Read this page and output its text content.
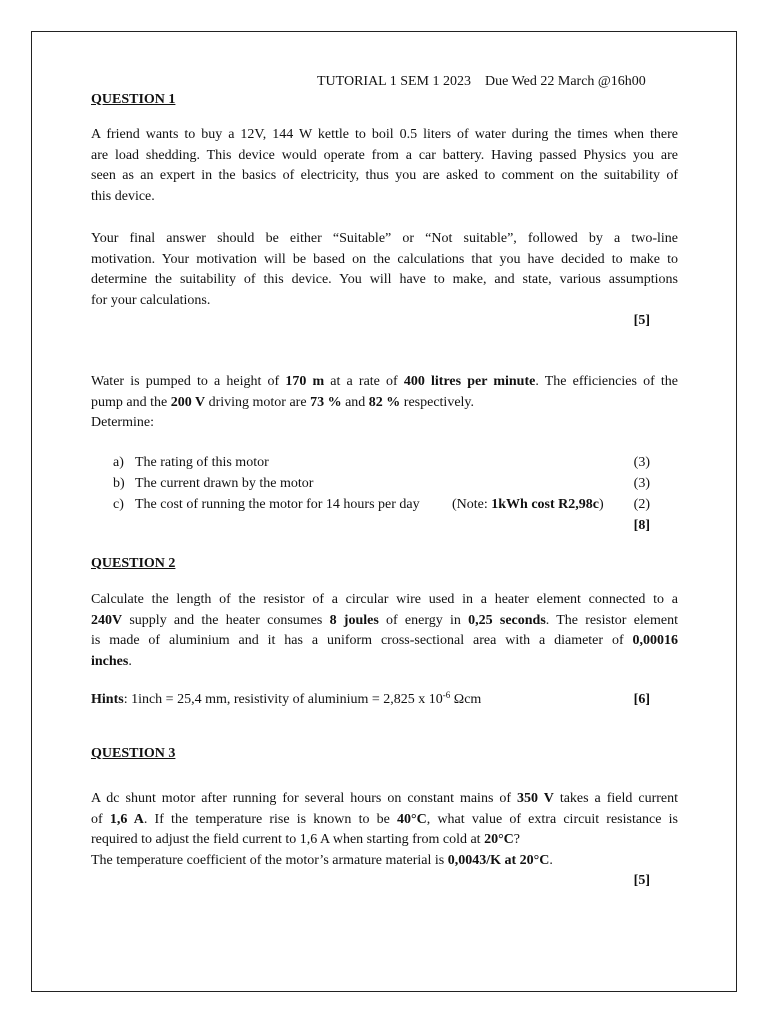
TUTORIAL 1 SEM 1 2023 Due Wed 22 March @16h00
QUESTION 1
A friend wants to buy a 12V, 144 W kettle to boil 0.5 liters of water during the times when there
are load shedding. This device would operate from a car battery. Having passed Physics you are
seen as an expert in the basics of electricity, thus you are asked to comment on the suitability of
this device.
Your final answer should be either “Suitable” or “Not suitable”, followed by a two-line
motivation. Your motivation will be based on the calculations that you have decided to make to
determine the suitability of this device. You will have to make, and state, various assumptions
for your calculations.
[5]
Water is pumped to a height of 170 m at a rate of 400 litres per minute. The efficiencies of the
pump and the 200 V driving motor are 73 % and 82 % respectively.
Determine:
a) The rating of this motor	(3)
b) The current drawn by the motor	(3)
c) The cost of running the motor for 14 hours per day (Note: 1kWh cost R2,98c)	(2)
[8]
QUESTION 2
Calculate the length of the resistor of a circular wire used in a heater element connected to a
240V supply and the heater consumes 8 joules of energy in 0,25 seconds. The resistor element
is made of aluminium and it has a uniform cross-sectional area with a diameter of 0,00016
inches.
Hints: 1inch = 25,4 mm, resistivity of aluminium = 2,825 x $10^{-6}$ Ωcm	[6]
QUESTION 3
A dc shunt motor after running for several hours on constant mains of 350 V takes a field current
of 1,6 A. If the temperature rise is known to be 40°C, what value of extra circuit resistance is
required to adjust the field current to 1,6 A when starting from cold at 20°C?
The temperature coefficient of the motor’s armature material is 0,0043/K at 20°C.
[5]
